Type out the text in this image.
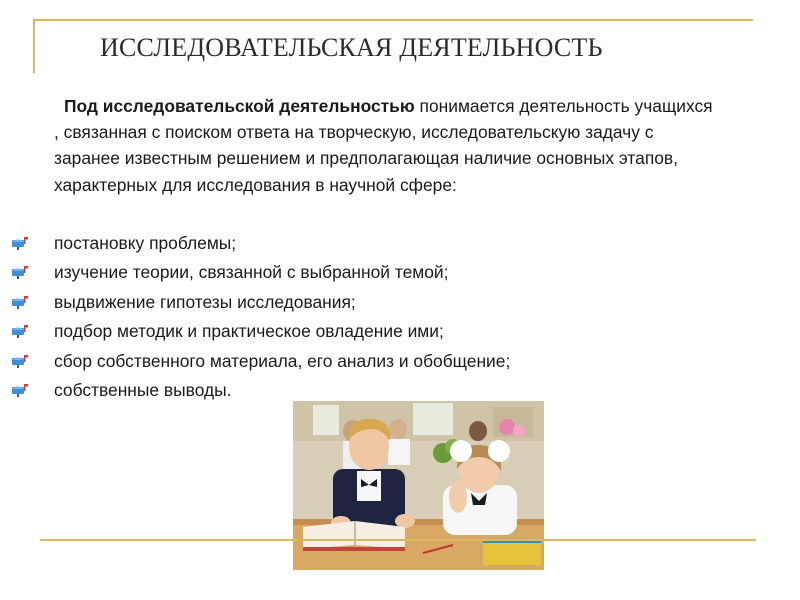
ИССЛЕДОВАТЕЛЬСКАЯ ДЕЯТЕЛЬНОСТЬ

Под исследовательской деятельностью понимается деятельность учащихся , связанная с поиском ответа на творческую, исследовательскую задачу с заранее известным решением и предполагающая наличие основных этапов, характерных для исследования в научной сфере:

постановку проблемы;
изучение теории, связанной с выбранной темой;
выдвижение гипотезы исследования;
подбор методик и практическое овладение ими;
сбор собственного материала, его анализ и обобщение;
собственные выводы.
